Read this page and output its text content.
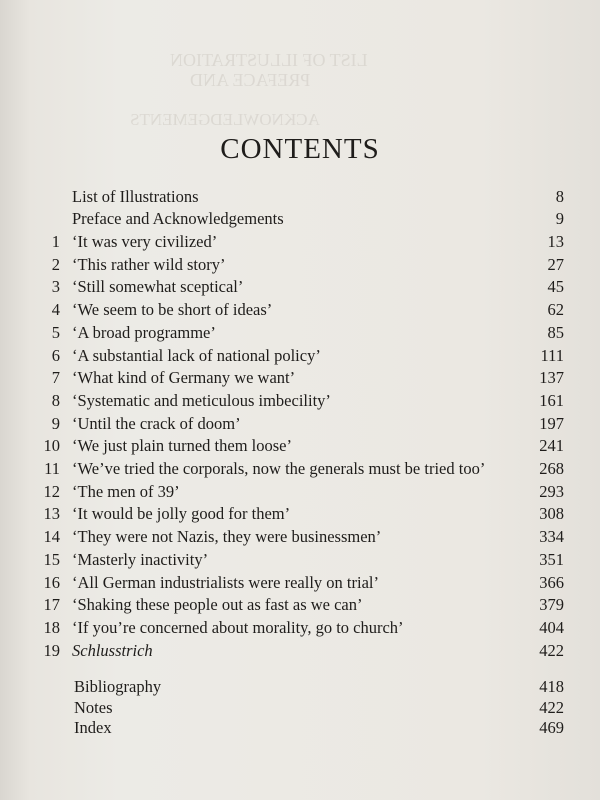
LIST OF ILLUSTRATION
PREFACE AND
ACKNOWLEDGEMENTS
CONTENTS
List of Illustrations	8
Preface and Acknowledgements	9
1 ‘It was very civilized’	13
2 ‘This rather wild story’	27
3 ‘Still somewhat sceptical’	45
4 ‘We seem to be short of ideas’	62
5 ‘A broad programme’	85
6 ‘A substantial lack of national policy’	111
7 ‘What kind of Germany we want’	137
8 ‘Systematic and meticulous imbecility’	161
9 ‘Until the crack of doom’	197
10 ‘We just plain turned them loose’	241
11 ‘We’ve tried the corporals, now the generals must be tried too’	268
12 ‘The men of 39’	293
13 ‘It would be jolly good for them’	308
14 ‘They were not Nazis, they were businessmen’	334
15 ‘Masterly inactivity’	351
16 ‘All German industrialists were really on trial’	366
17 ‘Shaking these people out as fast as we can’	379
18 ‘If you’re concerned about morality, go to church’	404
19 Schlusstrich	422
Bibliography	418
Notes	422
Index	469
